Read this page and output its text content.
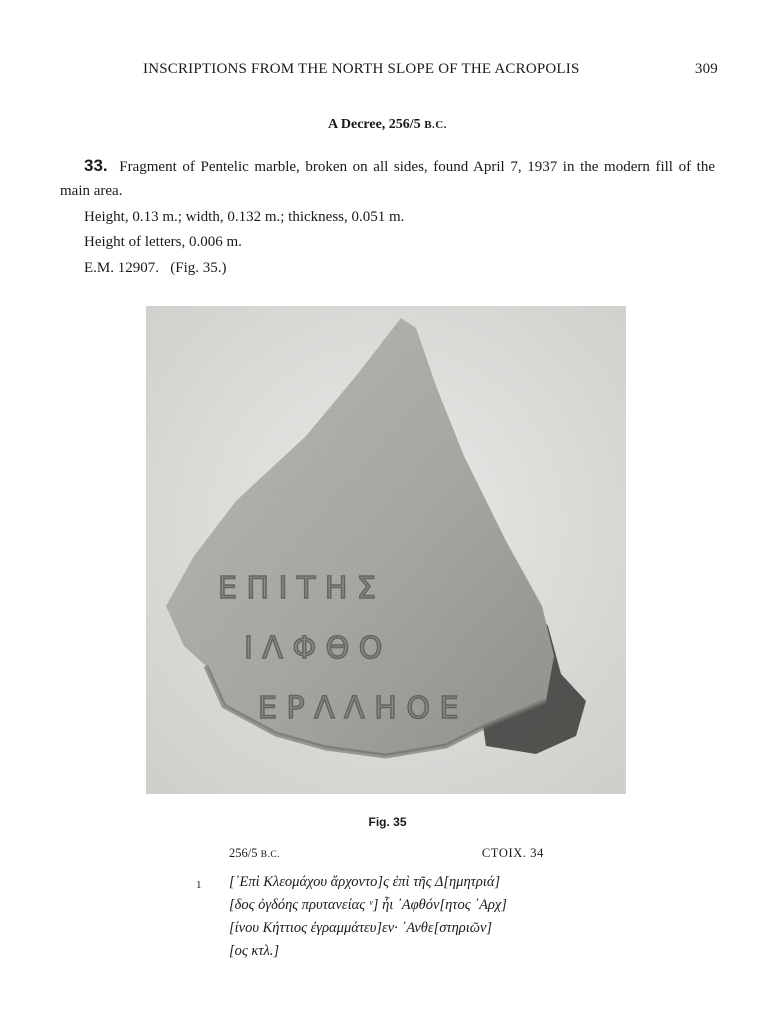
INSCRIPTIONS FROM THE NORTH SLOPE OF THE ACROPOLIS	309
A Decree, 256/5 B.C.
33. Fragment of Pentelic marble, broken on all sides, found April 7, 1937 in the modern fill of the main area.
Height, 0.13 m.; width, 0.132 m.; thickness, 0.051 m.
Height of letters, 0.006 m.
E.M. 12907.   (Fig. 35.)
Ε Π Ι Τ Η Σ
Ι Λ Φ Θ Ο
Ε Ρ Λ Λ Η Ο Ε
Fig. 35
256/5 B.C.	CTOIX. 34
1 [᾿Επὶ Κλεομάχου ἄρχοντο]ς ἐπὶ τῆς Δ[ημητριά]
[δος ὀγδόης πρυτανείας ᵛ] ἧι ᾿Αφθόν[ητος ᾿Αρχ]
[ίνου Κήττιος ἐγραμμάτευ]εν· ᾿Ανθε[στηριῶν]
[ος κτλ.]
